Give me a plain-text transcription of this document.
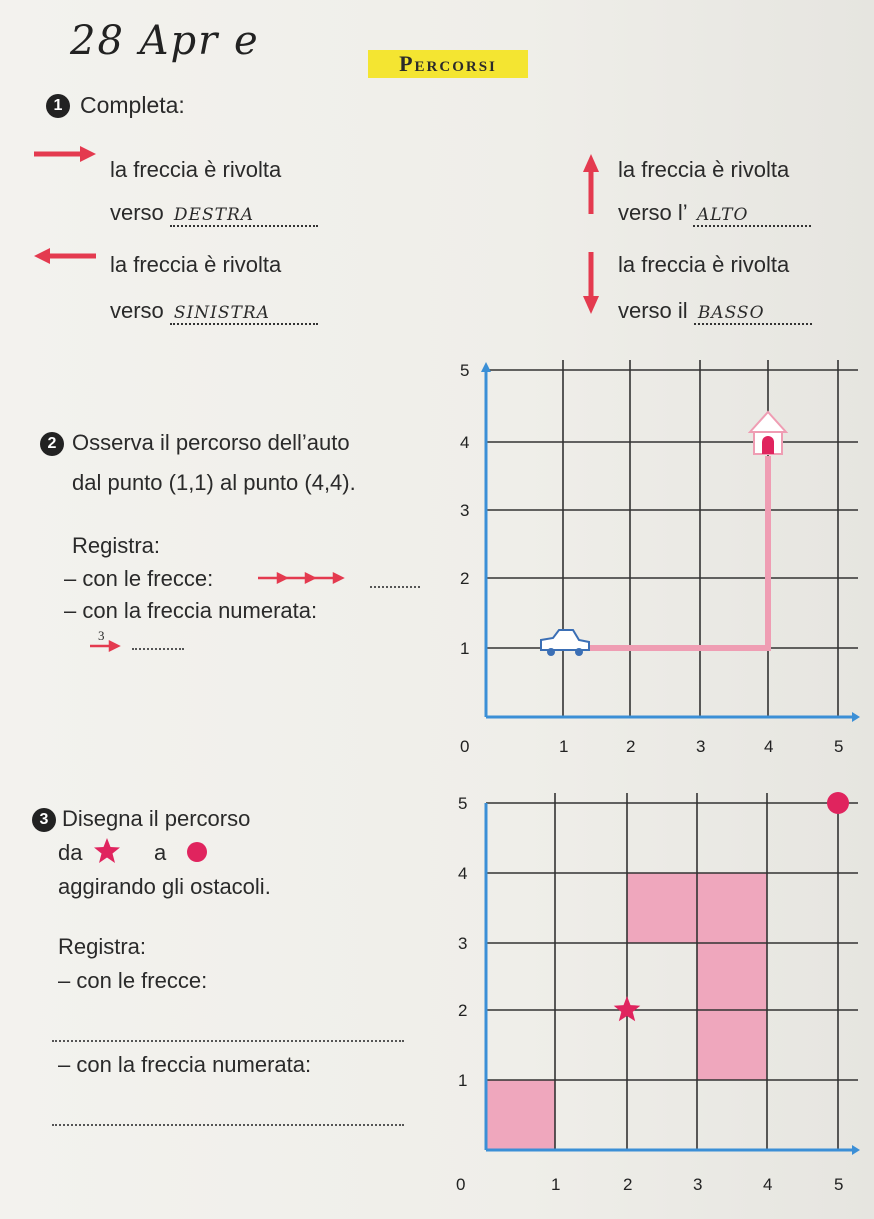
28 Apr e	Percorsi
1 Completa:
la freccia è rivolta
verso DESTRA
la freccia è rivolta
verso l’ ALTO
la freccia è rivolta
verso SINISTRA
la freccia è rivolta
verso il BASSO
2 Osserva il percorso dell’auto
dal punto (1,1) al punto (4,4).
Registra:
– con le frecce:
– con la freccia numerata:
3
0	1	2	3	4	5
1
2
3
4
5
3 Disegna il percorso
da	a
aggirando gli ostacoli.
Registra:
– con le frecce:
– con la freccia numerata:
0	1	2	3	4	5
1
2
3
4
5
